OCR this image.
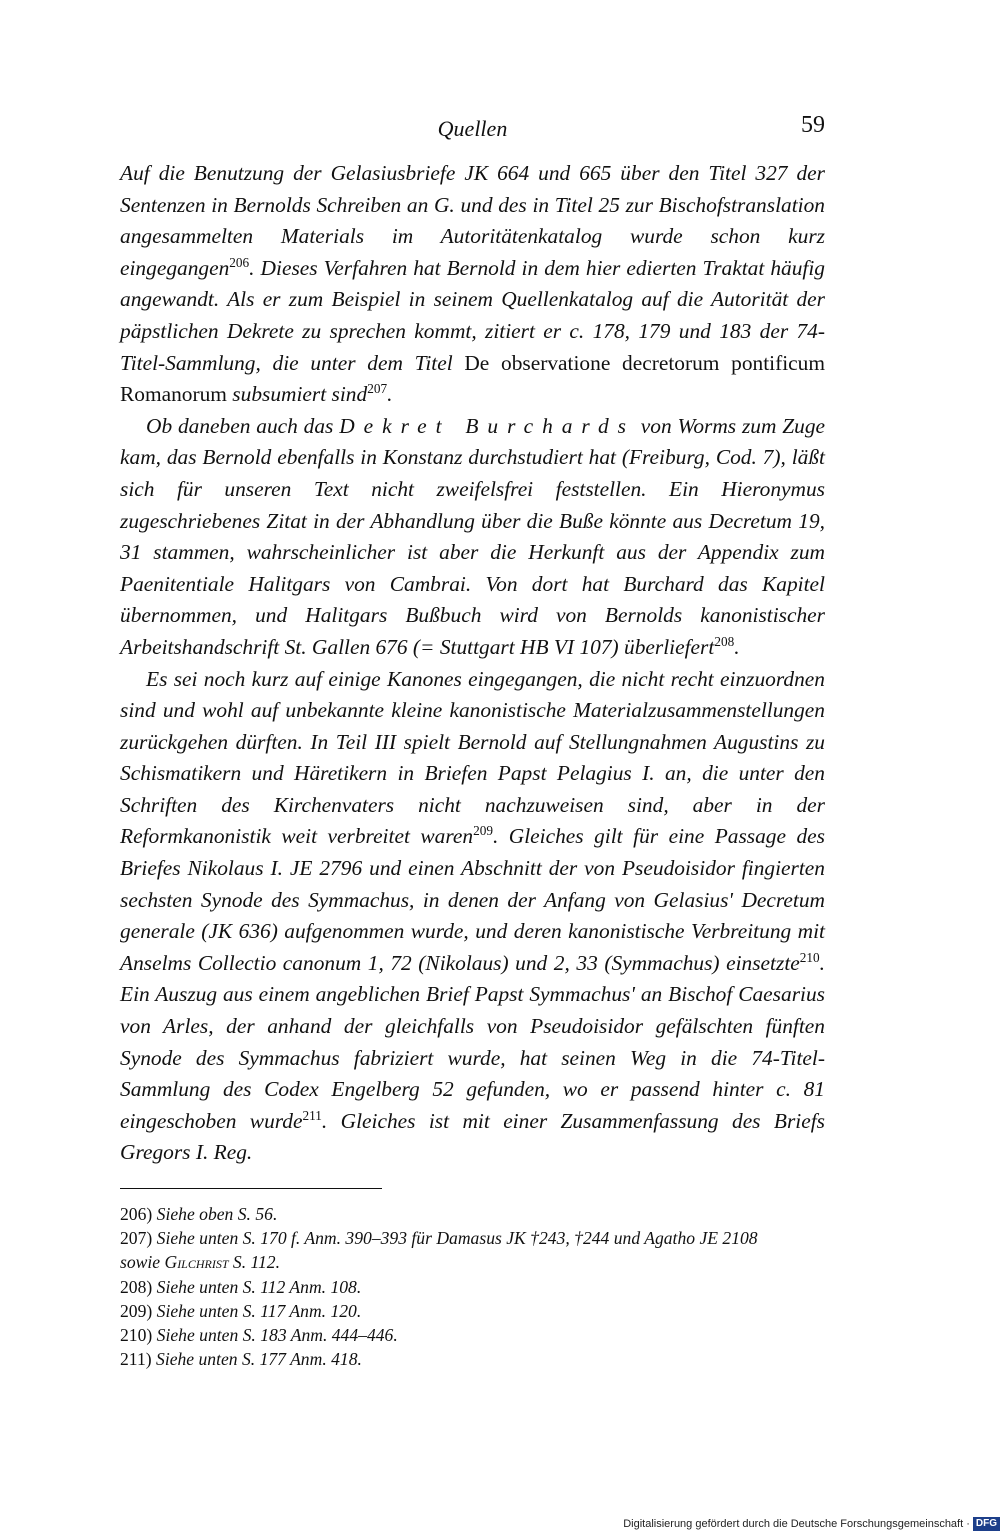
Quellen	59

Auf die Benutzung der Gelasiusbriefe JK 664 und 665 über den Titel 327 der Sentenzen in Bernolds Schreiben an G. und des in Titel 25 zur Bischofstranslation angesammelten Materials im Autoritätenkatalog wurde schon kurz eingegangen$^{206}$. Dieses Verfahren hat Bernold in dem hier edierten Traktat häufig angewandt. Als er zum Beispiel in seinem Quellenkatalog auf die Autorität der päpstlichen Dekrete zu sprechen kommt, zitiert er c. 178, 179 und 183 der 74-Titel-Sammlung, die unter dem Titel De observatione decretorum pontificum Romanorum subsumiert sind$^{207}$.

Ob daneben auch das Dekret Burchards von Worms zum Zuge kam, das Bernold ebenfalls in Konstanz durchstudiert hat (Freiburg, Cod. 7), läßt sich für unseren Text nicht zweifelsfrei feststellen. Ein Hieronymus zugeschriebenes Zitat in der Abhandlung über die Buße könnte aus Decretum 19, 31 stammen, wahrscheinlicher ist aber die Herkunft aus der Appendix zum Paenitentiale Halitgars von Cambrai. Von dort hat Burchard das Kapitel übernommen, und Halitgars Bußbuch wird von Bernolds kanonistischer Arbeitshandschrift St. Gallen 676 (= Stuttgart HB VI 107) überliefert$^{208}$.

Es sei noch kurz auf einige Kanones eingegangen, die nicht recht einzuordnen sind und wohl auf unbekannte kleine kanonistische Materialzusammenstellungen zurückgehen dürften. In Teil III spielt Bernold auf Stellungnahmen Augustins zu Schismatikern und Häretikern in Briefen Papst Pelagius I. an, die unter den Schriften des Kirchenvaters nicht nachzuweisen sind, aber in der Reformkanonistik weit verbreitet waren$^{209}$. Gleiches gilt für eine Passage des Briefes Nikolaus I. JE 2796 und einen Abschnitt der von Pseudoisidor fingierten sechsten Synode des Symmachus, in denen der Anfang von Gelasius' Decretum generale (JK 636) aufgenommen wurde, und deren kanonistische Verbreitung mit Anselms Collectio canonum 1, 72 (Nikolaus) und 2, 33 (Symmachus) einsetzte$^{210}$. Ein Auszug aus einem angeblichen Brief Papst Symmachus' an Bischof Caesarius von Arles, der anhand der gleichfalls von Pseudoisidor gefälschten fünften Synode des Symmachus fabriziert wurde, hat seinen Weg in die 74-Titel-Sammlung des Codex Engelberg 52 gefunden, wo er passend hinter c. 81 eingeschoben wurde$^{211}$. Gleiches ist mit einer Zusammenfassung des Briefs Gregors I. Reg.

206) Siehe oben S. 56.

207) Siehe unten S. 170 f. Anm. 390–393 für Damasus JK †243, †244 und Agatho JE 2108
sowie Gilchrist S. 112.

208) Siehe unten S. 112 Anm. 108.

209) Siehe unten S. 117 Anm. 120.

210) Siehe unten S. 183 Anm. 444–446.

211) Siehe unten S. 177 Anm. 418.

Digitalisierung gefördert durch die Deutsche Forschungsgemeinschaft · DFG
